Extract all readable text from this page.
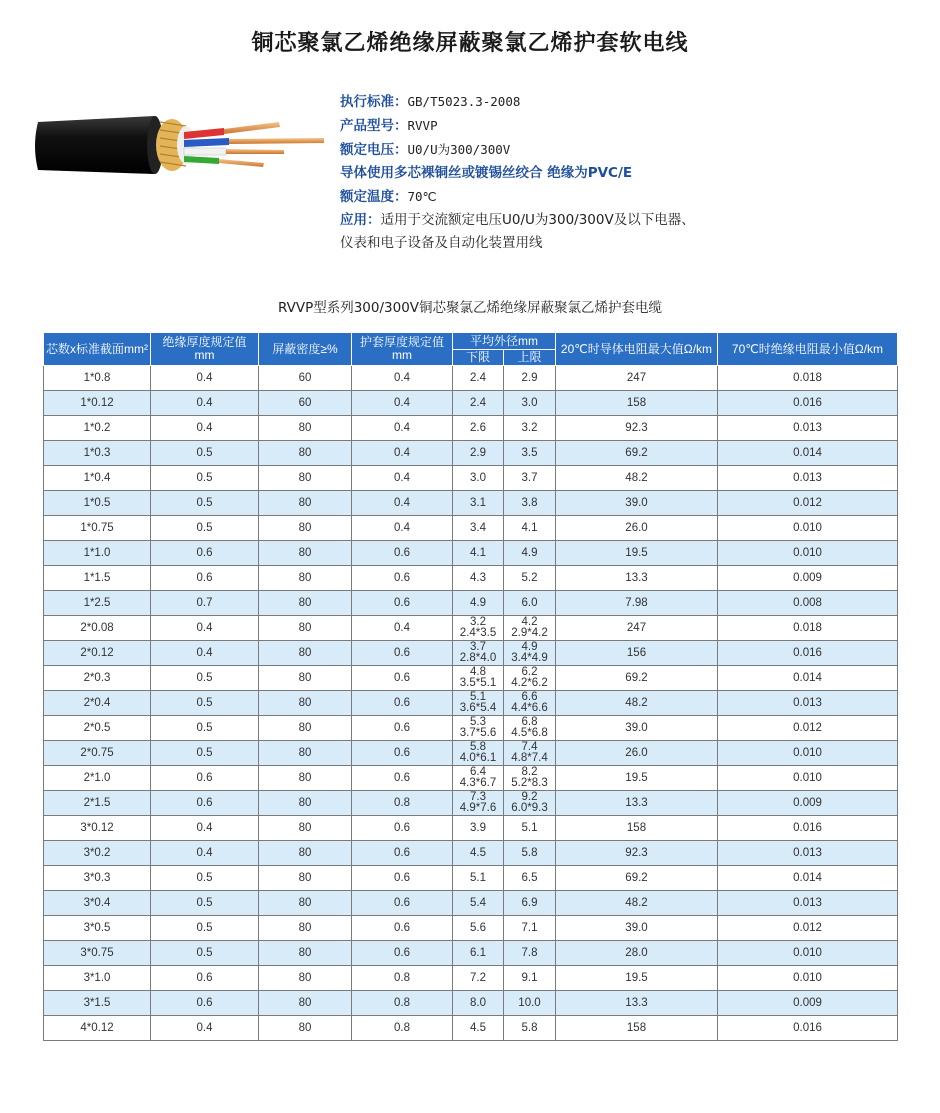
铜芯聚氯乙烯绝缘屏蔽聚氯乙烯护套软电线
执行标准：GB/T5023.3-2008
产品型号：RVVP
额定电压：U0/U为300/300V
导体使用多芯裸铜丝或镀锡丝绞合 绝缘为PVC/E
额定温度：70℃
应用：适用于交流额定电压U0/U为300/300V及以下电器、
仪表和电子设备及自动化装置用线
RVVP型系列300/300V铜芯聚氯乙烯绝缘屏蔽聚氯乙烯护套电缆
芯数x标准截面mm²	绝缘厚度规定值mm	屏蔽密度≥%	护套厚度规定值mm	平均外径mm		20℃时导体电阻最大值Ω/km	70℃时绝缘电阻最小值Ω/km
				下限	上限		

1*0.8	0.4	60	0.4	2.4	2.9	247	0.018

1*0.12	0.4	60	0.4	2.4	3.0	158	0.016

1*0.2	0.4	80	0.4	2.6	3.2	92.3	0.013

1*0.3	0.5	80	0.4	2.9	3.5	69.2	0.014

1*0.4	0.5	80	0.4	3.0	3.7	48.2	0.013

1*0.5	0.5	80	0.4	3.1	3.8	39.0	0.012

1*0.75	0.5	80	0.4	3.4	4.1	26.0	0.010

1*1.0	0.6	80	0.6	4.1	4.9	19.5	0.010

1*1.5	0.6	80	0.6	4.3	5.2	13.3	0.009

1*2.5	0.7	80	0.6	4.9	6.0	7.98	0.008

2*0.08	0.4	80	0.4	3.2 2.4*3.5	4.2 2.9*4.2	247	0.018

2*0.12	0.4	80	0.6	3.7 2.8*4.0	4.9 3.4*4.9	156	0.016

2*0.3	0.5	80	0.6	4.8 3.5*5.1	6.2 4.2*6.2	69.2	0.014

2*0.4	0.5	80	0.6	5.1 3.6*5.4	6.6 4.4*6.6	48.2	0.013

2*0.5	0.5	80	0.6	5.3 3.7*5.6	6.8 4.5*6.8	39.0	0.012

2*0.75	0.5	80	0.6	5.8 4.0*6.1	7.4 4.8*7.4	26.0	0.010

2*1.0	0.6	80	0.6	6.4 4.3*6.7	8.2 5.2*8.3	19.5	0.010

2*1.5	0.6	80	0.8	7.3 4.9*7.6	9.2 6.0*9.3	13.3	0.009

3*0.12	0.4	80	0.6	3.9	5.1	158	0.016

3*0.2	0.4	80	0.6	4.5	5.8	92.3	0.013

3*0.3	0.5	80	0.6	5.1	6.5	69.2	0.014

3*0.4	0.5	80	0.6	5.4	6.9	48.2	0.013

3*0.5	0.5	80	0.6	5.6	7.1	39.0	0.012

3*0.75	0.5	80	0.6	6.1	7.8	28.0	0.010

3*1.0	0.6	80	0.8	7.2	9.1	19.5	0.010

3*1.5	0.6	80	0.8	8.0	10.0	13.3	0.009

4*0.12	0.4	80	0.8	4.5	5.8	158	0.016
